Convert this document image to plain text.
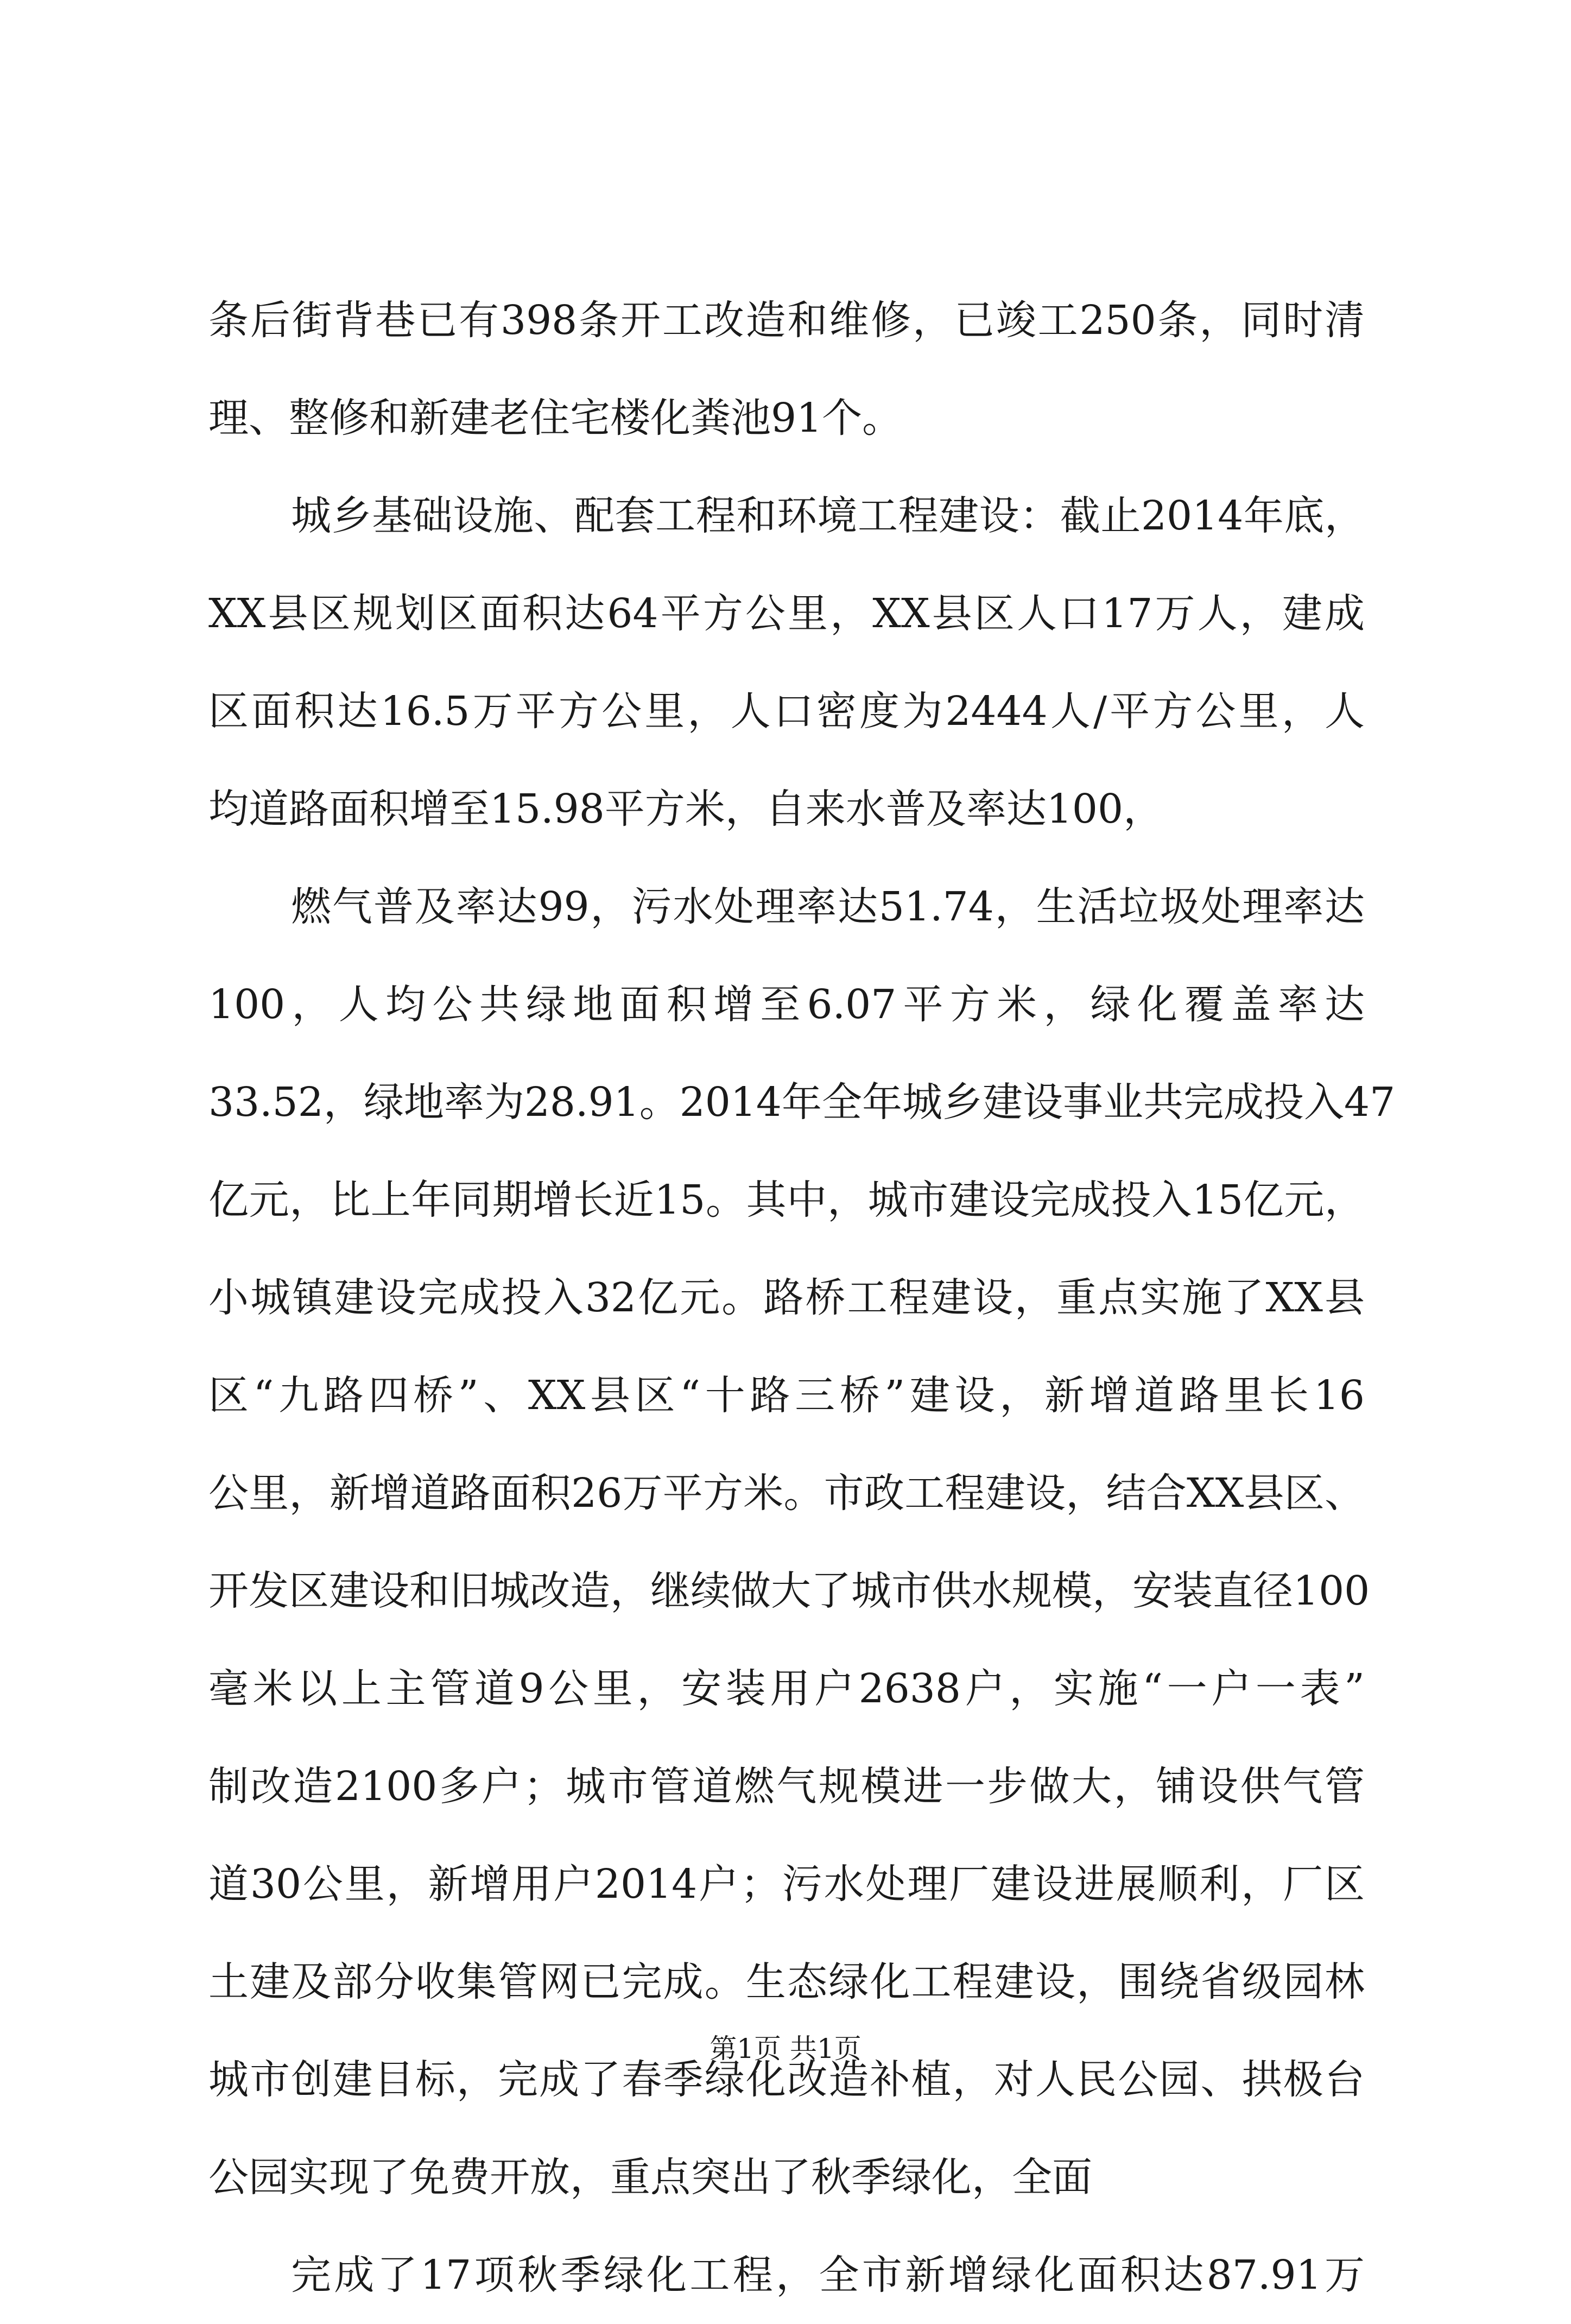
条后街背巷已有398条开工改造和维修，已竣工250条，同时清
理、整修和新建老住宅楼化粪池91个。
城乡基础设施、配套工程和环境工程建设：截止2014年底，
XX县区规划区面积达64平方公里，XX县区人口17万人，建成
区面积达16.5万平方公里，人口密度为2444人/平方公里，人
均道路面积增至15.98平方米，自来水普及率达100，
燃气普及率达99，污水处理率达51.74，生活垃圾处理率达
100，人均公共绿地面积增至6.07平方米，绿化覆盖率达
33.52，绿地率为28.91。2014年全年城乡建设事业共完成投入47
亿元，比上年同期增长近15。其中，城市建设完成投入15亿元，
小城镇建设完成投入32亿元。路桥工程建设，重点实施了XX县
区“九路四桥”、XX县区“十路三桥”建设，新增道路里长16
公里，新增道路面积26万平方米。市政工程建设，结合XX县区、
开发区建设和旧城改造，继续做大了城市供水规模，安装直径100
毫米以上主管道9公里，安装用户2638户，实施“一户一表”
制改造2100多户；城市管道燃气规模进一步做大，铺设供气管
道30公里，新增用户2014户；污水处理厂建设进展顺利，厂区
土建及部分收集管网已完成。生态绿化工程建设，围绕省级园林
城市创建目标，完成了春季绿化改造补植，对人民公园、拱极台
公园实现了免费开放，重点突出了秋季绿化，全面
完成了17项秋季绿化工程，全市新增绿化面积达87.91万
第1页 共1页
